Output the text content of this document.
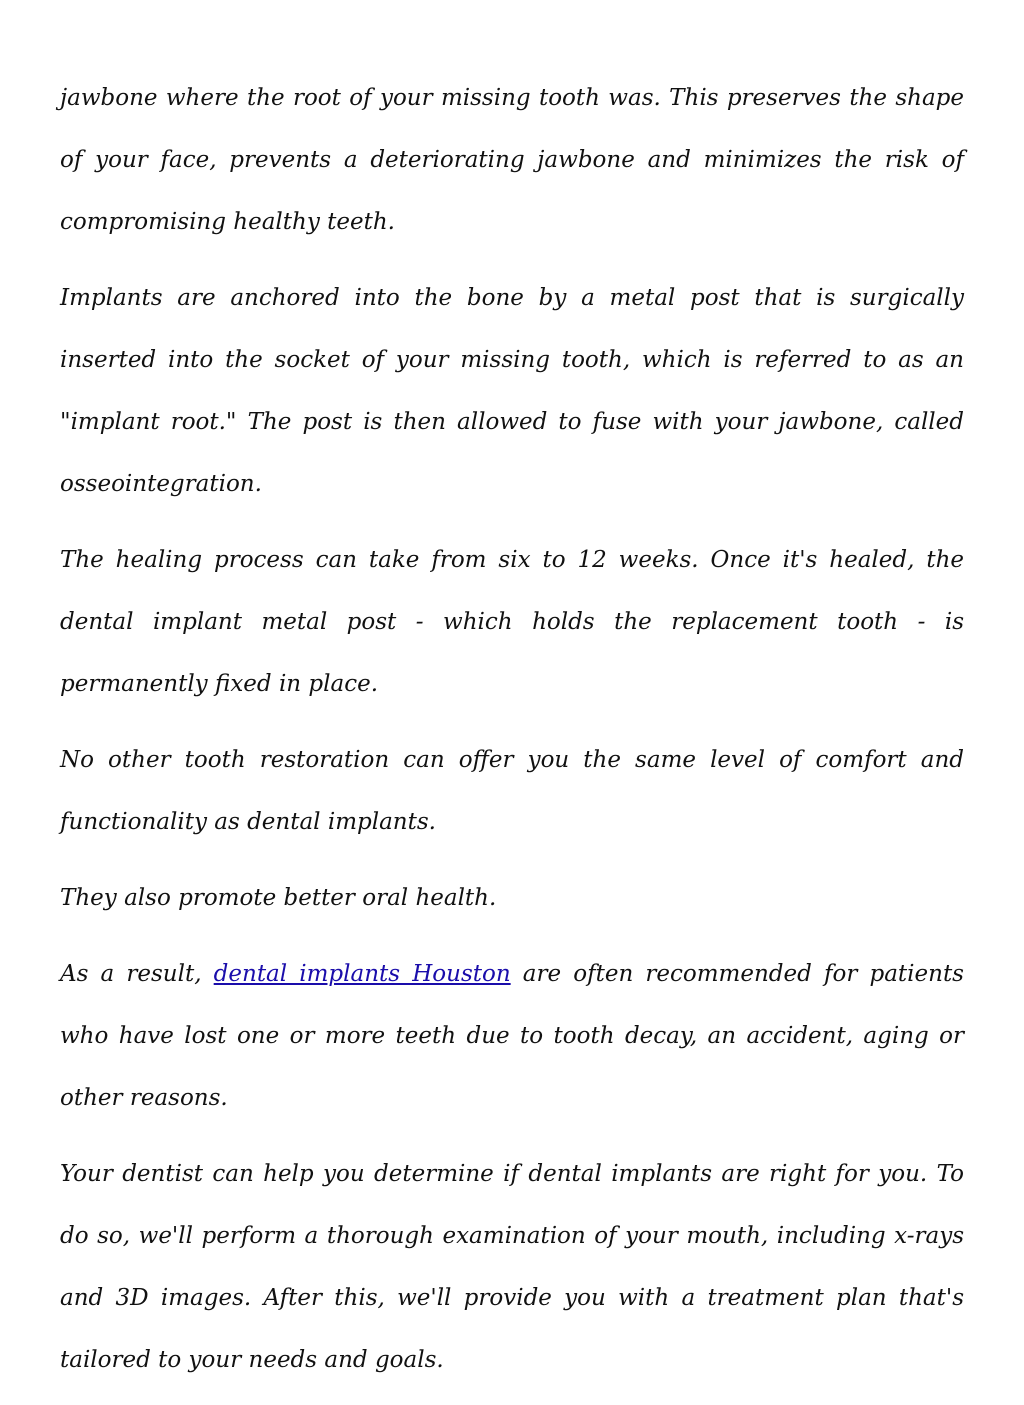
jawbone where the root of your missing tooth was. This preserves the shape of your face, prevents a deteriorating jawbone and minimizes the risk of compromising healthy teeth.

Implants are anchored into the bone by a metal post that is surgically inserted into the socket of your missing tooth, which is referred to as an "implant root." The post is then allowed to fuse with your jawbone, called osseointegration.

The healing process can take from six to 12 weeks. Once it's healed, the dental implant metal post - which holds the replacement tooth - is permanently fixed in place.

No other tooth restoration can offer you the same level of comfort and functionality as dental implants.

They also promote better oral health.

As a result, dental implants Houston are often recommended for patients who have lost one or more teeth due to tooth decay, an accident, aging or other reasons.

Your dentist can help you determine if dental implants are right for you. To do so, we'll perform a thorough examination of your mouth, including x-rays and 3D images. After this, we'll provide you with a treatment plan that's tailored to your needs and goals.
